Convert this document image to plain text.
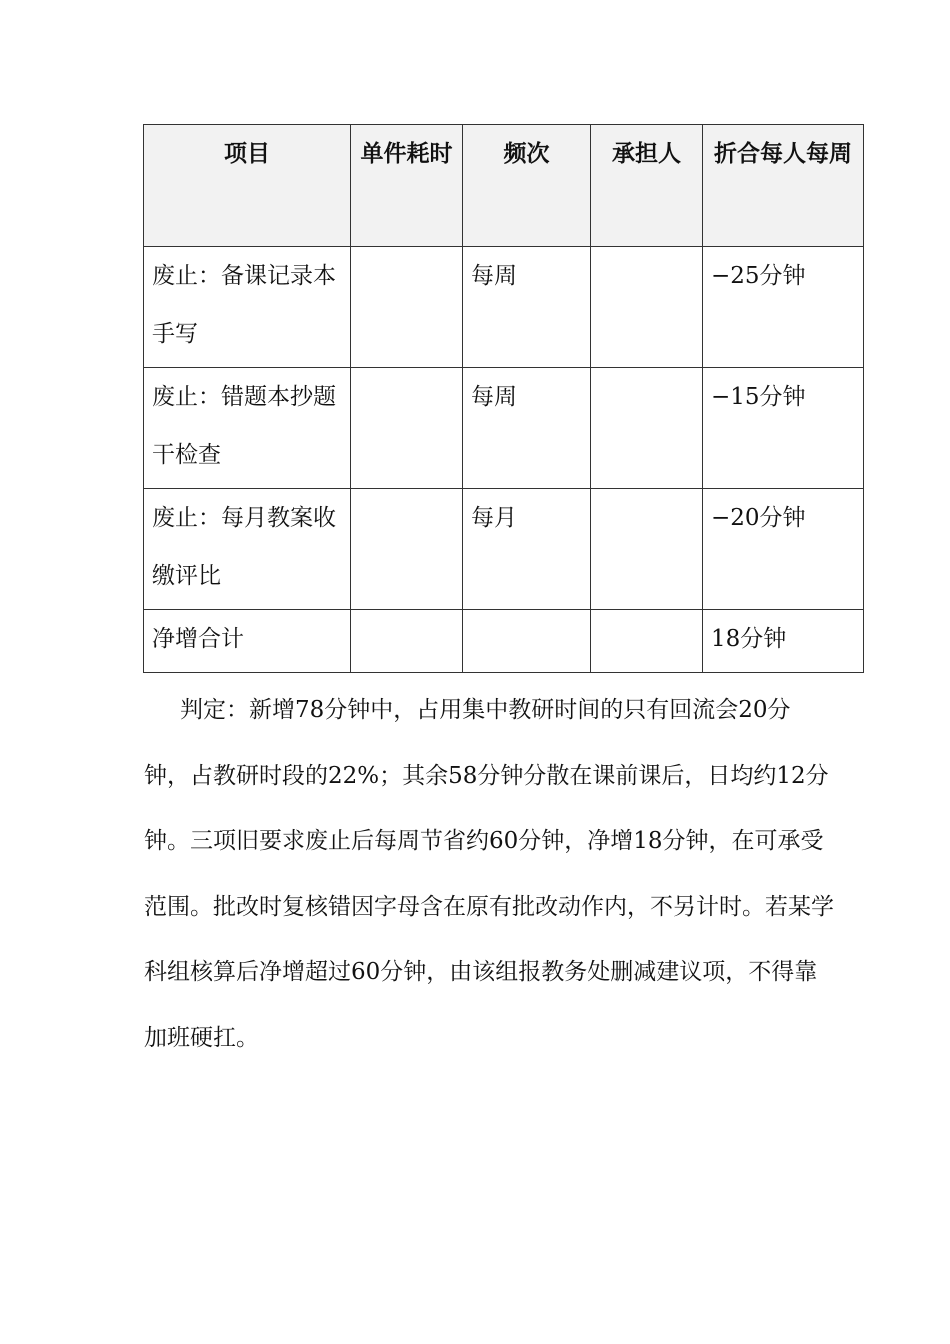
项目	单件耗时	频次	承担人	折合每人每周

废止：备课记录本手写		每周		−25分钟

废止：错题本抄题干检查		每周		−15分钟

废止：每月教案收缴评比		每月		−20分钟

净增合计				18分钟

判定：新增78分钟中，占用集中教研时间的只有回流会20分钟，占教研时段的22%；其余58分钟分散在课前课后，日均约12分钟。三项旧要求废止后每周节省约60分钟，净增18分钟，在可承受范围。批改时复核错因字母含在原有批改动作内，不另计时。若某学科组核算后净增超过60分钟，由该组报教务处删减建议项，不得靠加班硬扛。
